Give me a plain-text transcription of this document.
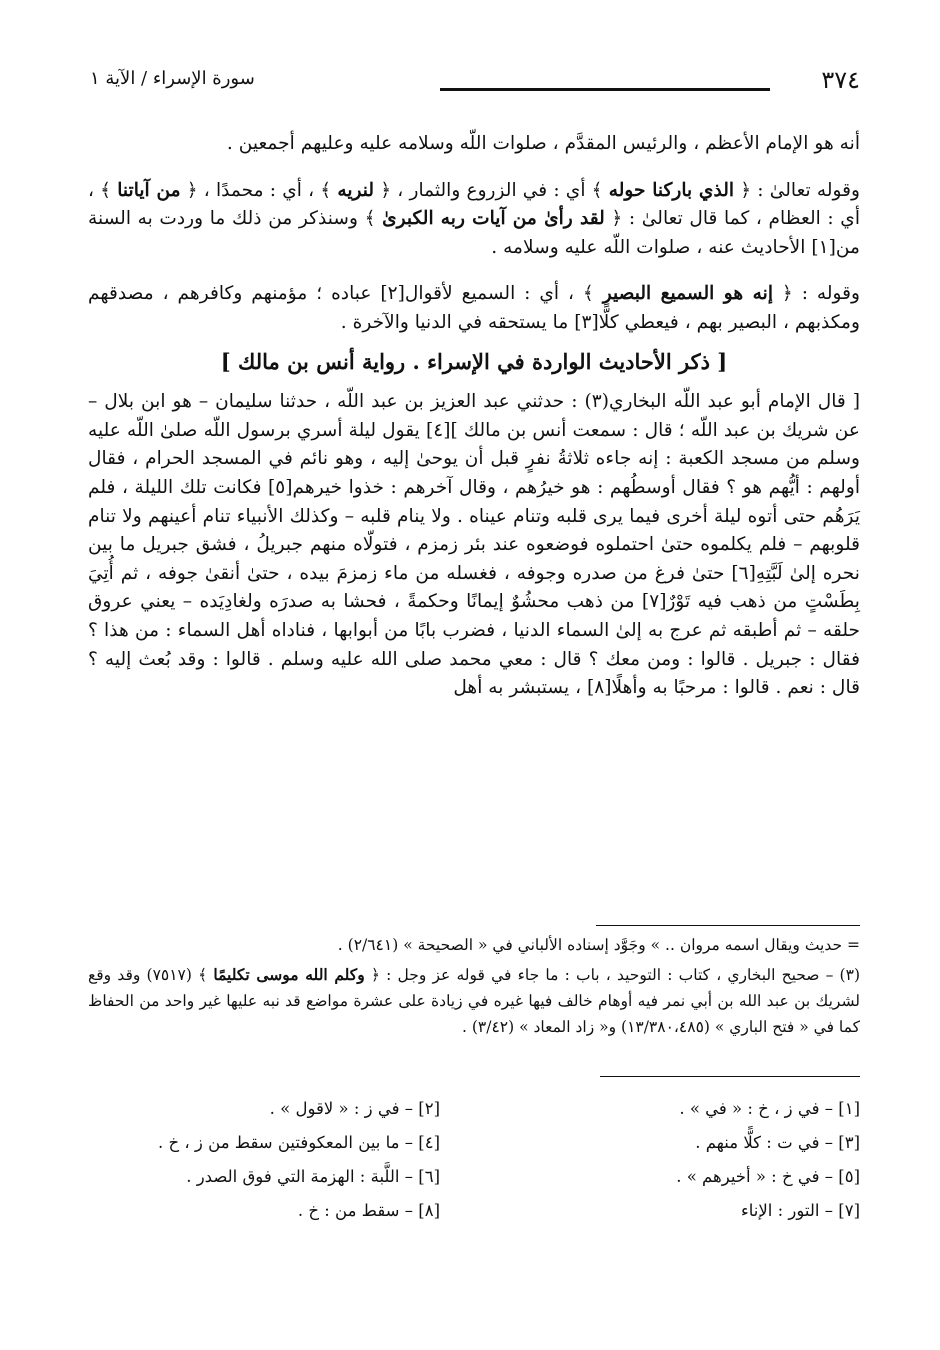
٣٧٤
سورة الإسراء / الآية ١

أنه هو الإمام الأعظم ، والرئيس المقدَّم ، صلوات اللّه وسلامه عليه وعليهم أجمعين .

وقوله تعالىٰ : ﴿ الذي باركنا حوله ﴾ أي : في الزروع والثمار ، ﴿ لنريه ﴾ ، أي : محمدًا ، ﴿ من آياتنا ﴾ ، أي : العظام ، كما قال تعالىٰ : ﴿ لقد رأىٰ من آيات ربه الكبرىٰ ﴾ وسنذكر من ذلك ما وردت به السنة من[١] الأحاديث عنه ، صلوات اللّه عليه وسلامه .

وقوله : ﴿ إنه هو السميع البصير ﴾ ، أي : السميع لأقوال[٢] عباده ؛ مؤمنهم وكافرهم ، مصدقهم ومكذبهم ، البصير بهم ، فيعطي كلًّا[٣] ما يستحقه في الدنيا والآخرة .

[ ذكر الأحاديث الواردة في الإسراء . رواية أنس بن مالك ]

[ قال الإمام أبو عبد اللّه البخاري(٣) : حدثني عبد العزيز بن عبد اللّه ، حدثنا سليمان – هو ابن بلال – عن شريك بن عبد اللّه ؛ قال : سمعت أنس بن مالك ][٤] يقول ليلة أسري برسول اللّه صلىٰ اللّه عليه وسلم من مسجد الكعبة : إنه جاءه ثلاثةُ نفرٍ قبل أن يوحىٰ إليه ، وهو نائم في المسجد الحرام ، فقال أولهم : أيُّهم هو ؟ فقال أوسطُهم : هو خيرُهم ، وقال آخرهم : خذوا خيرهم[٥] فكانت تلك الليلة ، فلم يَرَهُم حتى أتوه ليلة أخرى فيما يرى قلبه وتنام عيناه . ولا ينام قلبه – وكذلك الأنبياء تنام أعينهم ولا تنام قلوبهم – فلم يكلموه حتىٰ احتملوه فوضعوه عند بئر زمزم ، فتولّاه منهم جبريلُ ، فشق جبريل ما بين نحره إلىٰ لَبَّتِهِ[٦] حتىٰ فرغ من صدره وجوفه ، فغسله من ماء زمزمَ بيده ، حتىٰ أنقىٰ جوفه ، ثم أُتِيَ بِطَسْتٍ من ذهب فيه تَوْرٌ[٧] من ذهب محشُوٌ إيمانًا وحكمةً ، فحشا به صدرَه ولغادِيَده – يعني عروق حلقه – ثم أطبقه ثم عرج به إلىٰ السماء الدنيا ، فضرب بابًا من أبوابها ، فناداه أهل السماء : من هذا ؟ فقال : جبريل . قالوا : ومن معك ؟ قال : معي محمد صلى الله عليه وسلم . قالوا : وقد بُعث إليه ؟ قال : نعم . قالوا : مرحبًا به وأهلًا[٨] ، يستبشر به أهل

= حديث ويقال اسمه مروان .. » وجَوَّد إسناده الألباني في « الصحيحة » (٢/٦٤١) .

(٣) – صحيح البخاري ، كتاب : التوحيد ، باب : ما جاء في قوله عز وجل : ﴿ وكلم الله موسى تكليمًا ﴾ (٧٥١٧) وقد وقع لشريك بن عبد الله بن أبي نمر فيه أوهام خالف فيها غيره في زيادة على عشرة مواضع قد نبه عليها غير واحد من الحفاظ كما في « فتح الباري » (١٣/٣٨٠،٤٨٥) و« زاد المعاد » (٣/٤٢) .

[١] – في ز ، خ : « في » .
[٣] – في ت : كلًّا منهم .
[٥] – في خ : « أخيرهم » .
[٧] – التور : الإناء
[٢] – في ز : « لاقول » .
[٤] – ما بين المعكوفتين سقط من ز ، خ .
[٦] – اللَّبة : الهزمة التي فوق الصدر .
[٨] – سقط من : خ .
